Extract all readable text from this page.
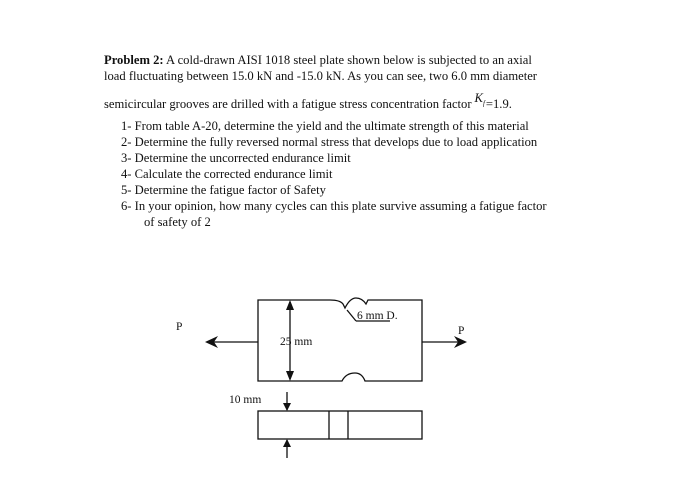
Problem 2: A cold-drawn AISI 1018 steel plate shown below is subjected to an axial

load fluctuating between 15.0 kN and -15.0 kN. As you can see, two 6.0 mm diameter

semicircular grooves are drilled with a fatigue stress concentration factor $K_f=1.9$.

1- From table A-20, determine the yield and the ultimate strength of this material
2- Determine the fully reversed normal stress that develops due to load application
3- Determine the uncorrected endurance limit
4- Calculate the corrected endurance limit
5- Determine the fatigue factor of Safety
6- In your opinion, how many cycles can this plate survive assuming a fatigue factor
of safety of 2
P	P
25 mm
6 mm D.
10 mm
